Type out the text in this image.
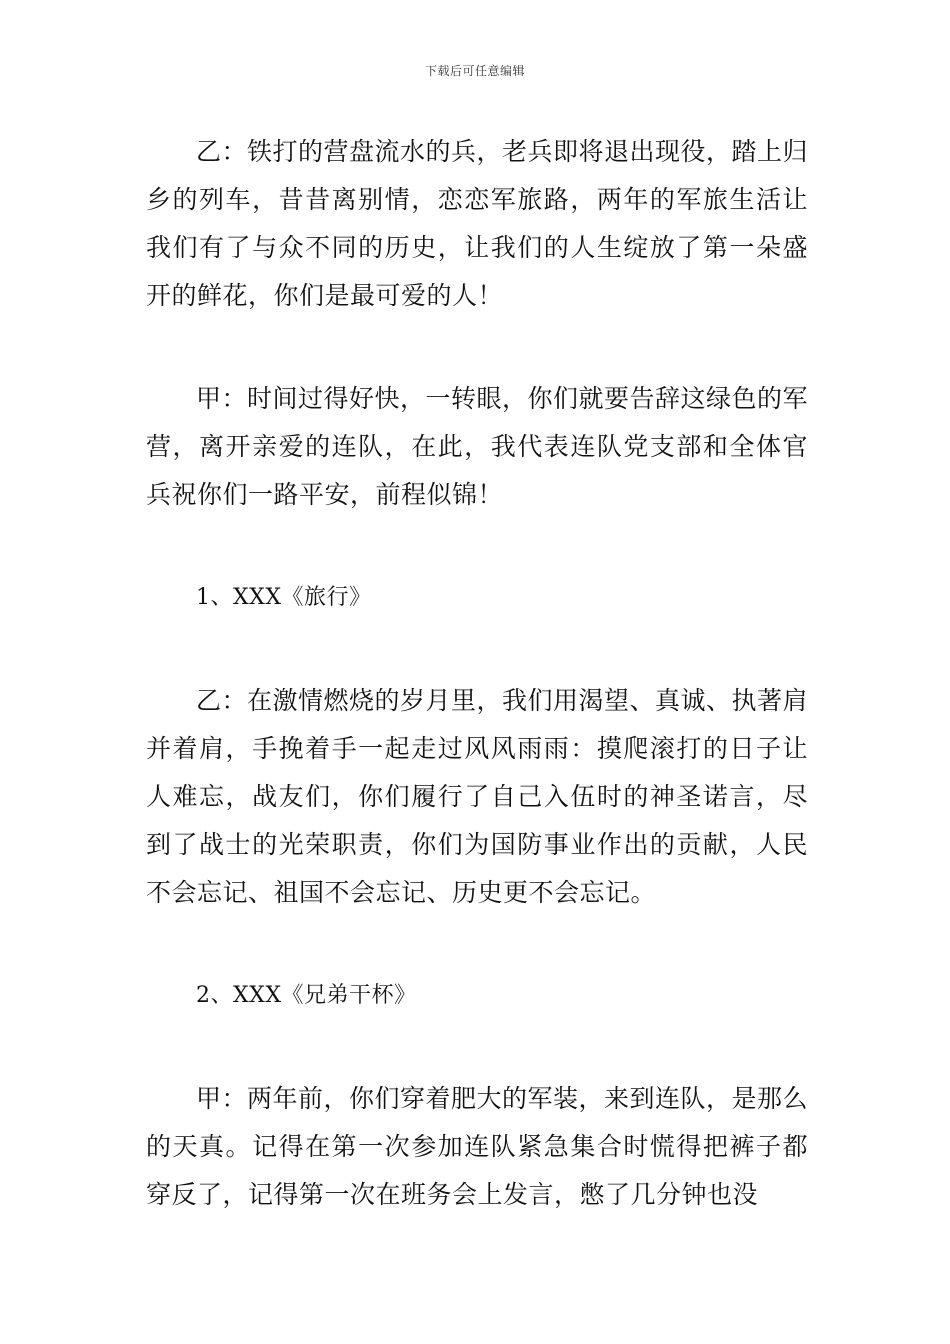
下载后可任意编辑

乙：铁打的营盘流水的兵，老兵即将退出现役，踏上归乡的列车，昔昔离别情，恋恋军旅路，两年的军旅生活让我们有了与众不同的历史，让我们的人生绽放了第一朵盛开的鲜花，你们是最可爱的人！

甲：时间过得好快，一转眼，你们就要告辞这绿色的军营，离开亲爱的连队，在此，我代表连队党支部和全体官兵祝你们一路平安，前程似锦！

1、XXX《旅行》

乙：在激情燃烧的岁月里，我们用渴望、真诚、执著肩并着肩，手挽着手一起走过风风雨雨：摸爬滚打的日子让人难忘，战友们，你们履行了自己入伍时的神圣诺言，尽到了战士的光荣职责，你们为国防事业作出的贡献，人民不会忘记、祖国不会忘记、历史更不会忘记。

2、XXX《兄弟干杯》

甲：两年前，你们穿着肥大的军装，来到连队，是那么的天真。记得在第一次参加连队紧急集合时慌得把裤子都穿反了，记得第一次在班务会上发言，憋了几分钟也没
